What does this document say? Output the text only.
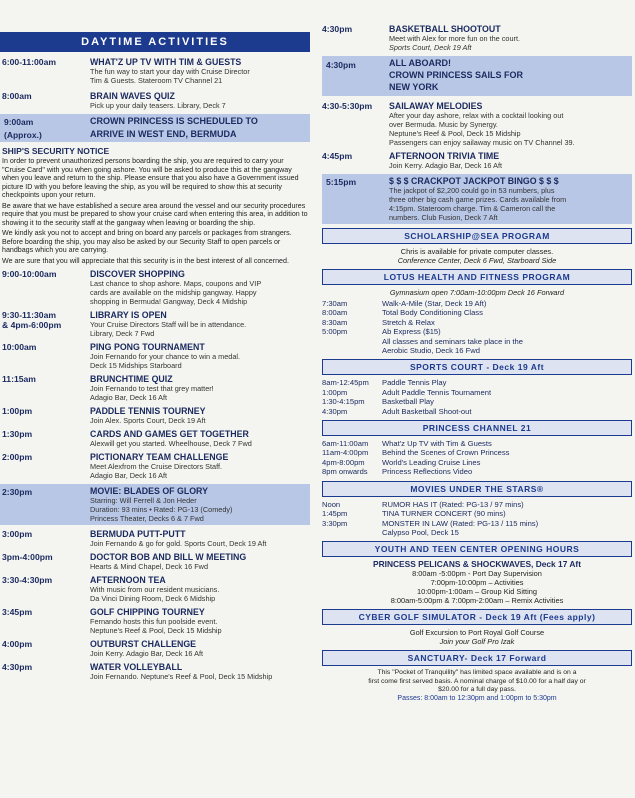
DAYTIME ACTIVITIES
6:00-11:00am	WHAT'Z UP TV WITH TIM & GUESTS
The fun way to start your day with Cruise Director
Tim & Guests. Stateroom TV Channel 21
8:00am	BRAIN WAVES QUIZ
Pick up your daily teasers. Library, Deck 7
9:00am
(Approx.)
CROWN PRINCESS IS SCHEDULED TO
ARRIVE IN WEST END, BERMUDA
SHIP'S SECURITY NOTICE
In order to prevent unauthorized persons boarding the ship, you are required to carry your "Cruise Card" with you when going ashore. You will be asked to produce this at the gangway when you leave and return to the ship. Please ensure that you also have a Government issued picture ID with you before leaving the ship, as you will be required to show this at security checkpoints upon your return.
Be aware that we have established a secure area around the vessel and our security procedures require that you must be prepared to show your cruise card when entering this area, in addition to showing it to the security staff at the gangway when leaving or boarding the ship.
We kindly ask you not to accept and bring on board any parcels or packages from strangers. Before boarding the ship, you may also be asked by our Security Staff to open parcels or handbags which you are carrying.
We are sure that you will appreciate that this security is in the best interest of all concerned.
9:00-10:00am	DISCOVER SHOPPING
Last chance to shop ashore. Maps, coupons and VIP
cards are available on the midship gangway. Happy
shopping in Bermuda! Gangway, Deck 4 Midship
9:30-11:30am
& 4pm-6:00pm
LIBRARY IS OPEN
Your Cruise Directors Staff will be in attendance.
Library, Deck 7 Fwd
10:00am	PING PONG TOURNAMENT
Join Fernando for your chance to win a medal.
Deck 15 Midships Starboard
11:15am	BRUNCHTIME QUIZ
Join Fernando to test that grey matter!
Adagio Bar, Deck 16 Aft
1:00pm	PADDLE TENNIS TOURNEY
Join Alex. Sports Court, Deck 19 Aft
1:30pm	CARDS AND GAMES GET TOGETHER
Alexwill get you started. Wheelhouse, Deck 7 Fwd
2:00pm	PICTIONARY TEAM CHALLENGE
Meet Alexfrom the Cruise Directors Staff.
Adagio Bar, Deck 16 Aft
2:30pm	MOVIE: BLADES OF GLORY
Starring: Will Ferrell & Jon Heder
Duration: 93 mins • Rated: PG-13 (Comedy)
Princess Theater, Decks 6 & 7 Fwd
3:00pm	BERMUDA PUTT-PUTT
Join Fernando & go for gold. Sports Court, Deck 19 Aft
3pm-4:00pm	DOCTOR BOB AND BILL W MEETING
Hearts & Mind Chapel, Deck 16 Fwd
3:30-4:30pm	AFTERNOON TEA
With music from our resident musicians.
Da Vinci Dining Room, Deck 6 Midship
3:45pm	GOLF CHIPPING TOURNEY
Fernando hosts this fun poolside event.
Neptune's Reef & Pool, Deck 15 Midship
4:00pm	OUTBURST CHALLENGE
Join Kerry. Adagio Bar, Deck 16 Aft
4:30pm	WATER VOLLEYBALL
Join Fernando. Neptune's Reef & Pool, Deck 15 Midship
4:30pm	BASKETBALL SHOOTOUT
Meet with Alex for more fun on the court.
Sports Court, Deck 19 Aft
4:30pm	ALL ABOARD!
CROWN PRINCESS SAILS FOR
NEW YORK
4:30-5:30pm SAILAWAY MELODIES
After your day ashore, relax with a cocktail looking out
over Bermuda. Music by Synergy.
Neptune's Reef & Pool, Deck 15 Midship
Passengers can enjoy sailaway music on TV Channel 39.
4:45pm	AFTERNOON TRIVIA TIME
Join Kerry. Adagio Bar, Deck 16 Aft
5:15pm	$ $ $ CRACKPOT JACKPOT BINGO $ $ $
The jackpot of $2,200 could go in 53 numbers, plus
three other big cash game prizes. Cards available from
4:15pm. Stateroom charge. Tim & Cameron call the
numbers. Club Fusion, Deck 7 Aft
SCHOLARSHIP@SEA PROGRAM
Chris is available for private computer classes.
Conference Center, Deck 6 Fwd, Starboard Side
LOTUS HEALTH AND FITNESS PROGRAM
Gymnasium open 7:00am-10:00pm Deck 16 Forward
7:30am	Walk-A-Mile (Star, Deck 19 Aft)
8:00am	Total Body Conditioning Class
8:30am	Stretch & Relax
5:00pm	Ab Express ($15)
All classes and seminars take place in the
Aerobic Studio, Deck 16 Fwd
SPORTS COURT - Deck 19 Aft
8am-12:45pm	Paddle Tennis Play
1:00pm	Adult Paddle Tennis Tournament
1:30-4:15pm	Basketball Play
4:30pm	Adult Basketball Shoot-out
PRINCESS CHANNEL 21
6am-11:00am	What'z Up TV with Tim & Guests
11am-4:00pm	Behind the Scenes of Crown Princess
4pm-8:00pm	World's Leading Cruise Lines
8pm onwards	Princess Reflections Video
MOVIES UNDER THE STARS®
Noon	RUMOR HAS IT (Rated: PG-13 / 97 mins)
1:45pm	TINA TURNER CONCERT (90 mins)
3:30pm	MONSTER IN LAW (Rated: PG-13 / 115 mins)
Calypso Pool, Deck 15
YOUTH AND TEEN CENTER OPENING HOURS
PRINCESS PELICANS & SHOCKWAVES, Deck 17 Aft
8:00am -5:00pm - Port Day Supervision
7:00pm-10:00pm – Activities
10:00pm-1:00am – Group Kid Sitting
8:00am-5:00pm & 7:00pm-2:00am – Remix Activities
CYBER GOLF SIMULATOR - Deck 19 Aft (Fees apply)
Golf Excursion to Port Royal Golf Course
Join your Golf Pro Izak
SANCTUARY- Deck 17 Forward
This "Pocket of Tranquility" has limited space available and is on a
first come first served basis. A nominal charge of $10.00 for a half day or
$20.00 for a full day pass.
Passes: 8:00am to 12:30pm and 1:00pm to 5:30pm
